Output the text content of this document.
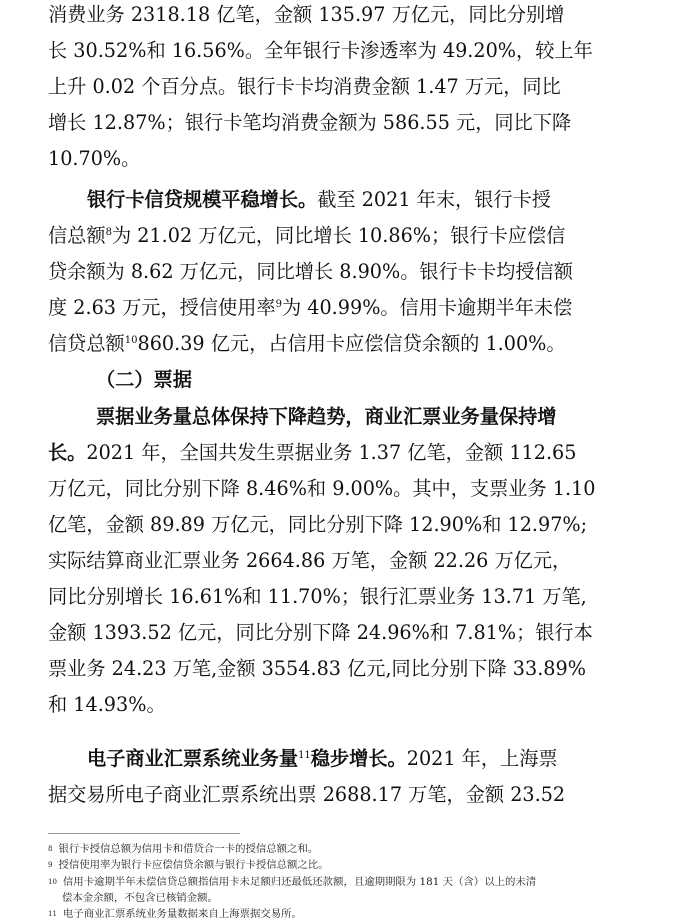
消费业务 2318.18 亿笔，金额 135.97 万亿元，同比分别增
长 30.52%和 16.56%。全年银行卡渗透率为 49.20%，较上年
上升 0.02 个百分点。银行卡卡均消费金额 1.47 万元，同比
增长 12.87%；银行卡笔均消费金额为 586.55 元，同比下降
10.70%。
银行卡信贷规模平稳增长。截至 2021 年末，银行卡授
信总额$^8$为 21.02 万亿元，同比增长 10.86%；银行卡应偿信
贷余额为 8.62 万亿元，同比增长 8.90%。银行卡卡均授信额
度 2.63 万元，授信使用率$^9$为 40.99%。信用卡逾期半年未偿
信贷总额$^{10}$860.39 亿元，占信用卡应偿信贷余额的 1.00%。
（二）票据
票据业务量总体保持下降趋势，商业汇票业务量保持增
长。2021 年，全国共发生票据业务 1.37 亿笔，金额 112.65
万亿元，同比分别下降 8.46%和 9.00%。其中，支票业务 1.10
亿笔，金额 89.89 万亿元，同比分别下降 12.90%和 12.97%;
实际结算商业汇票业务 2664.86 万笔，金额 22.26 万亿元，
同比分别增长 16.61%和 11.70%；银行汇票业务 13.71 万笔,
金额 1393.52 亿元，同比分别下降 24.96%和 7.81%；银行本
票业务 24.23 万笔,金额 3554.83 亿元,同比分别下降 33.89%
和 14.93%。
电子商业汇票系统业务量$^{11}$稳步增长。2021 年，上海票
据交易所电子商业汇票系统出票 2688.17 万笔，金额 23.52
$^8$ 银行卡授信总额为信用卡和借贷合一卡的授信总额之和。
$^9$ 授信使用率为银行卡应偿信贷余额与银行卡授信总额之比。
$^{10}$ 信用卡逾期半年未偿信贷总额指信用卡未足额归还最低还款额，且逾期期限为 181 天（含）以上的未清
偿本金余额，不包含已核销金额。
$^{11}$ 电子商业汇票系统业务量数据来自上海票据交易所。
